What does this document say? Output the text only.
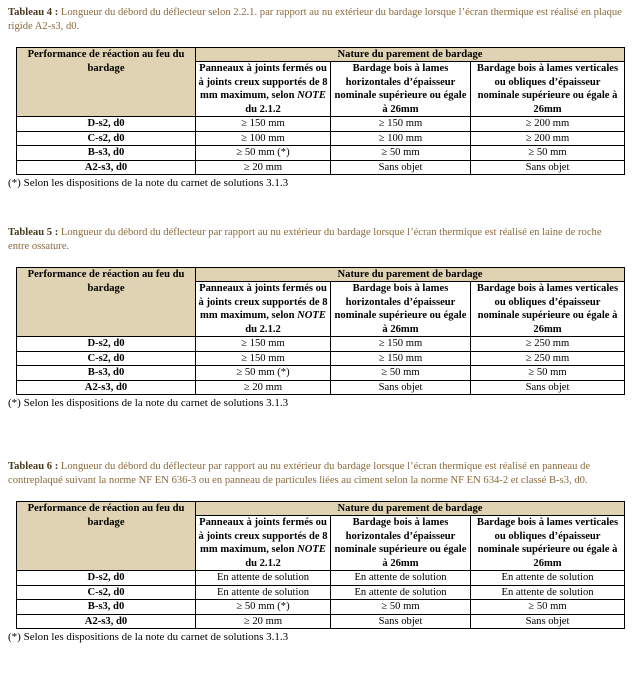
Tableau 4 : Longueur du débord du déflecteur selon 2.2.1. par rapport au nu extérieur du bardage lorsque l’écran thermique est réalisé en plaque rigide A2-s3, d0.

Performance de réaction au feu du bardage	Nature du parement de bardage		
	Panneaux à joints fermés ou à joints creux supportés de 8 mm maximum, selon NOTE du 2.1.2	Bardage bois à lames horizontales d’épaisseur nominale supérieure ou égale à 26mm	Bardage bois à lames verticales ou obliques d’épaisseur nominale supérieure ou égale à 26mm
D-s2, d0	≥ 150 mm	≥ 150 mm	≥ 200 mm
C-s2, d0	≥ 100 mm	≥ 100 mm	≥ 200 mm
B-s3, d0	≥ 50 mm (*)	≥ 50 mm	≥ 50 mm
A2-s3, d0	≥ 20 mm	Sans objet	Sans objet

(*) Selon les dispositions de la note du carnet de solutions 3.1.3

Tableau 5 : Longueur du débord du déflecteur par rapport au nu extérieur du bardage lorsque l’écran thermique est réalisé en laine de roche entre ossature.

Performance de réaction au feu du bardage	Nature du parement de bardage		
	Panneaux à joints fermés ou à joints creux supportés de 8 mm maximum, selon NOTE du 2.1.2	Bardage bois à lames horizontales d’épaisseur nominale supérieure ou égale à 26mm	Bardage bois à lames verticales ou obliques d’épaisseur nominale supérieure ou égale à 26mm
D-s2, d0	≥ 150 mm	≥ 150 mm	≥ 250 mm
C-s2, d0	≥ 150 mm	≥ 150 mm	≥ 250 mm
B-s3, d0	≥ 50 mm (*)	≥ 50 mm	≥ 50 mm
A2-s3, d0	≥ 20 mm	Sans objet	Sans objet

(*) Selon les dispositions de la note du carnet de solutions 3.1.3

Tableau 6 : Longueur du débord du déflecteur par rapport au nu extérieur du bardage lorsque l’écran thermique est réalisé en panneau de contreplaqué suivant la norme NF EN 636-3 ou en panneau de particules liées au ciment selon la norme NF EN 634-2 et classé B-s3, d0.

Performance de réaction au feu du bardage	Nature du parement de bardage		
	Panneaux à joints fermés ou à joints creux supportés de 8 mm maximum, selon NOTE du 2.1.2	Bardage bois à lames horizontales d’épaisseur nominale supérieure ou égale à 26mm	Bardage bois à lames verticales ou obliques d’épaisseur nominale supérieure ou égale à 26mm
D-s2, d0	En attente de solution	En attente de solution	En attente de solution
C-s2, d0	En attente de solution	En attente de solution	En attente de solution
B-s3, d0	≥ 50 mm (*)	≥ 50 mm	≥ 50 mm
A2-s3, d0	≥ 20 mm	Sans objet	Sans objet

(*) Selon les dispositions de la note du carnet de solutions 3.1.3
